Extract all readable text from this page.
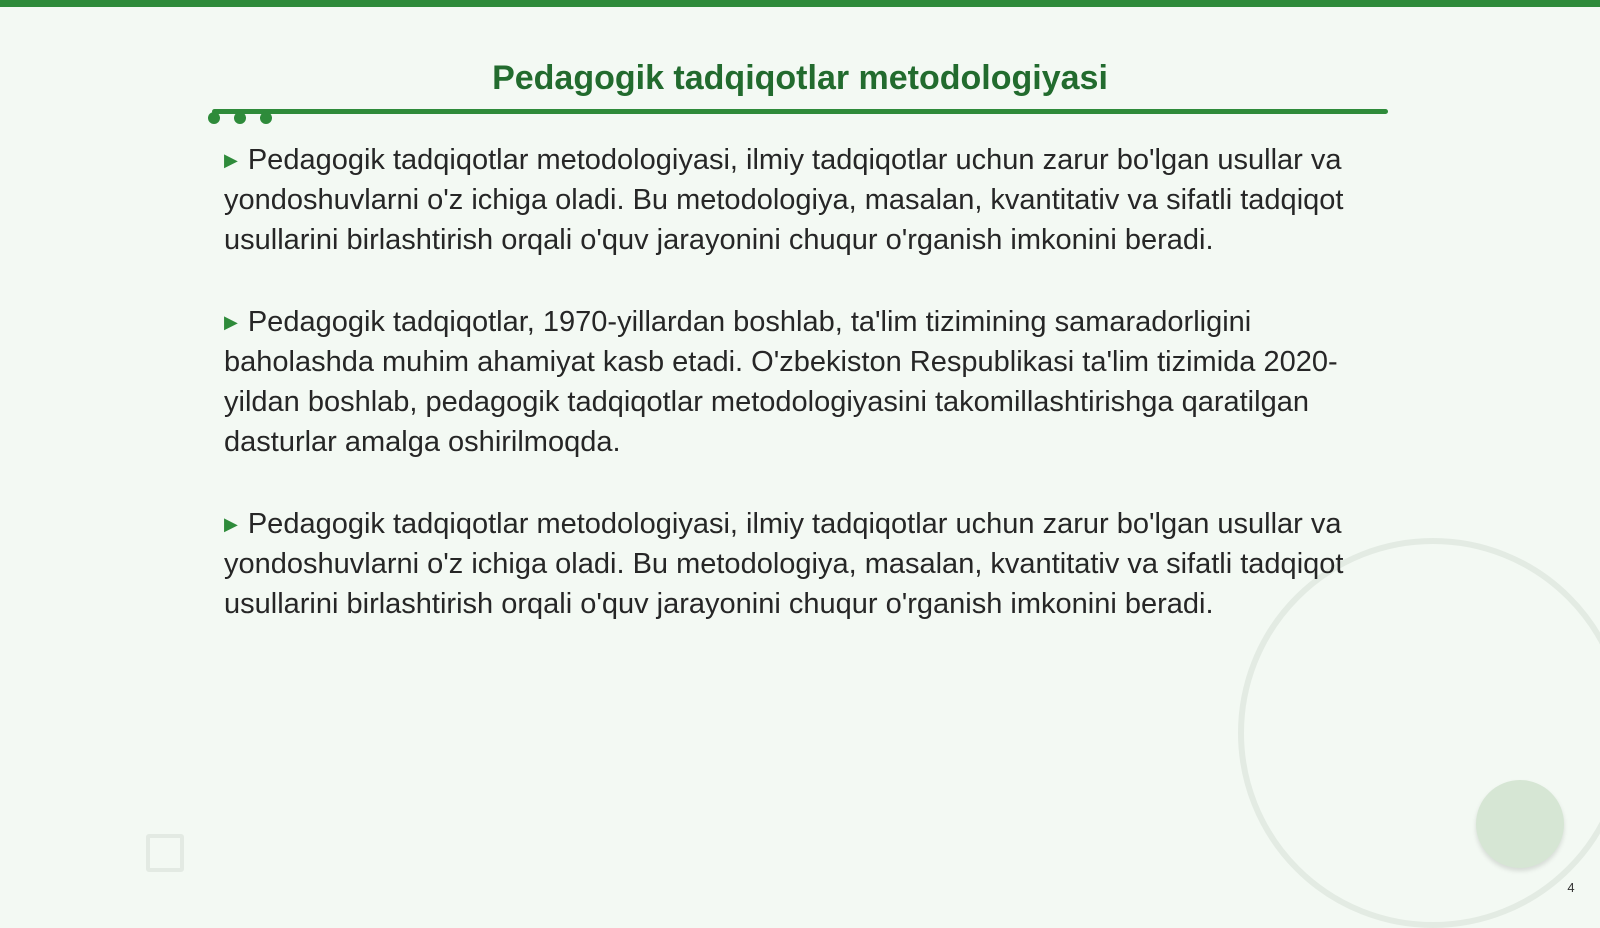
Pedagogik tadqiqotlar metodologiyasi

▶ Pedagogik tadqiqotlar metodologiyasi, ilmiy tadqiqotlar uchun zarur bo'lgan usullar va yondoshuvlarni o'z ichiga oladi. Bu metodologiya, masalan, kvantitativ va sifatli tadqiqot usullarini birlashtirish orqali o'quv jarayonini chuqur o'rganish imkonini beradi.

▶ Pedagogik tadqiqotlar, 1970-yillardan boshlab, ta'lim tizimining samaradorligini baholashda muhim ahamiyat kasb etadi. O'zbekiston Respublikasi ta'lim tizimida 2020-yildan boshlab, pedagogik tadqiqotlar metodologiyasini takomillashtirishga qaratilgan dasturlar amalga oshirilmoqda.

▶ Pedagogik tadqiqotlar metodologiyasi, ilmiy tadqiqotlar uchun zarur bo'lgan usullar va yondoshuvlarni o'z ichiga oladi. Bu metodologiya, masalan, kvantitativ va sifatli tadqiqot usullarini birlashtirish orqali o'quv jarayonini chuqur o'rganish imkonini beradi.

4
